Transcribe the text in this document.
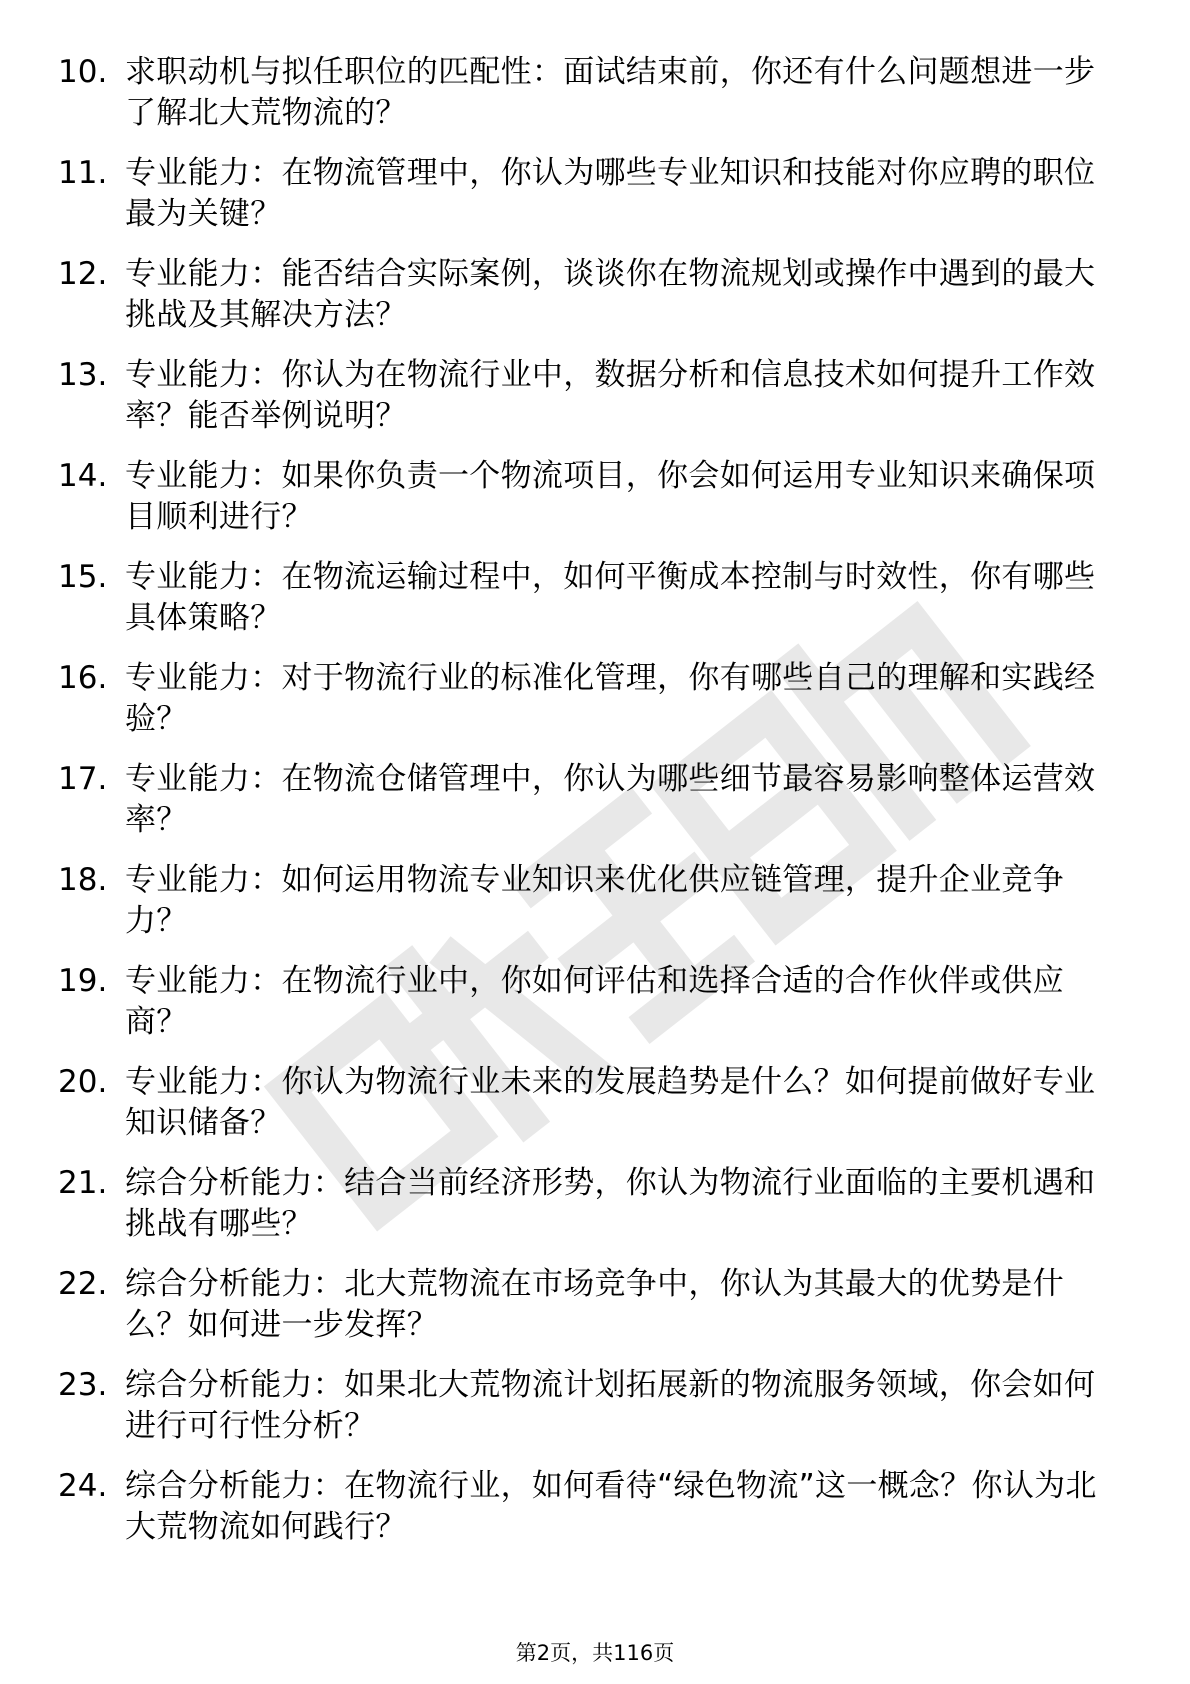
10. 求职动机与拟任职位的匹配性：面试结束前，你还有什么问题想进一步了解北大荒物流的？
11. 专业能力：在物流管理中，你认为哪些专业知识和技能对你应聘的职位最为关键？
12. 专业能力：能否结合实际案例，谈谈你在物流规划或操作中遇到的最大挑战及其解决方法？
13. 专业能力：你认为在物流行业中，数据分析和信息技术如何提升工作效率？能否举例说明？
14. 专业能力：如果你负责一个物流项目，你会如何运用专业知识来确保项目顺利进行？
15. 专业能力：在物流运输过程中，如何平衡成本控制与时效性，你有哪些具体策略？
16. 专业能力：对于物流行业的标准化管理，你有哪些自己的理解和实践经验？
17. 专业能力：在物流仓储管理中，你认为哪些细节最容易影响整体运营效率？
18. 专业能力：如何运用物流专业知识来优化供应链管理，提升企业竞争力？
19. 专业能力：在物流行业中，你如何评估和选择合适的合作伙伴或供应商？
20. 专业能力：你认为物流行业未来的发展趋势是什么？如何提前做好专业知识储备？
21. 综合分析能力：结合当前经济形势，你认为物流行业面临的主要机遇和挑战有哪些？
22. 综合分析能力：北大荒物流在市场竞争中，你认为其最大的优势是什么？如何进一步发挥？
23. 综合分析能力：如果北大荒物流计划拓展新的物流服务领域，你会如何进行可行性分析？
24. 综合分析能力：在物流行业，如何看待“绿色物流”这一概念？你认为北大荒物流如何践行？
第2页，共116页
